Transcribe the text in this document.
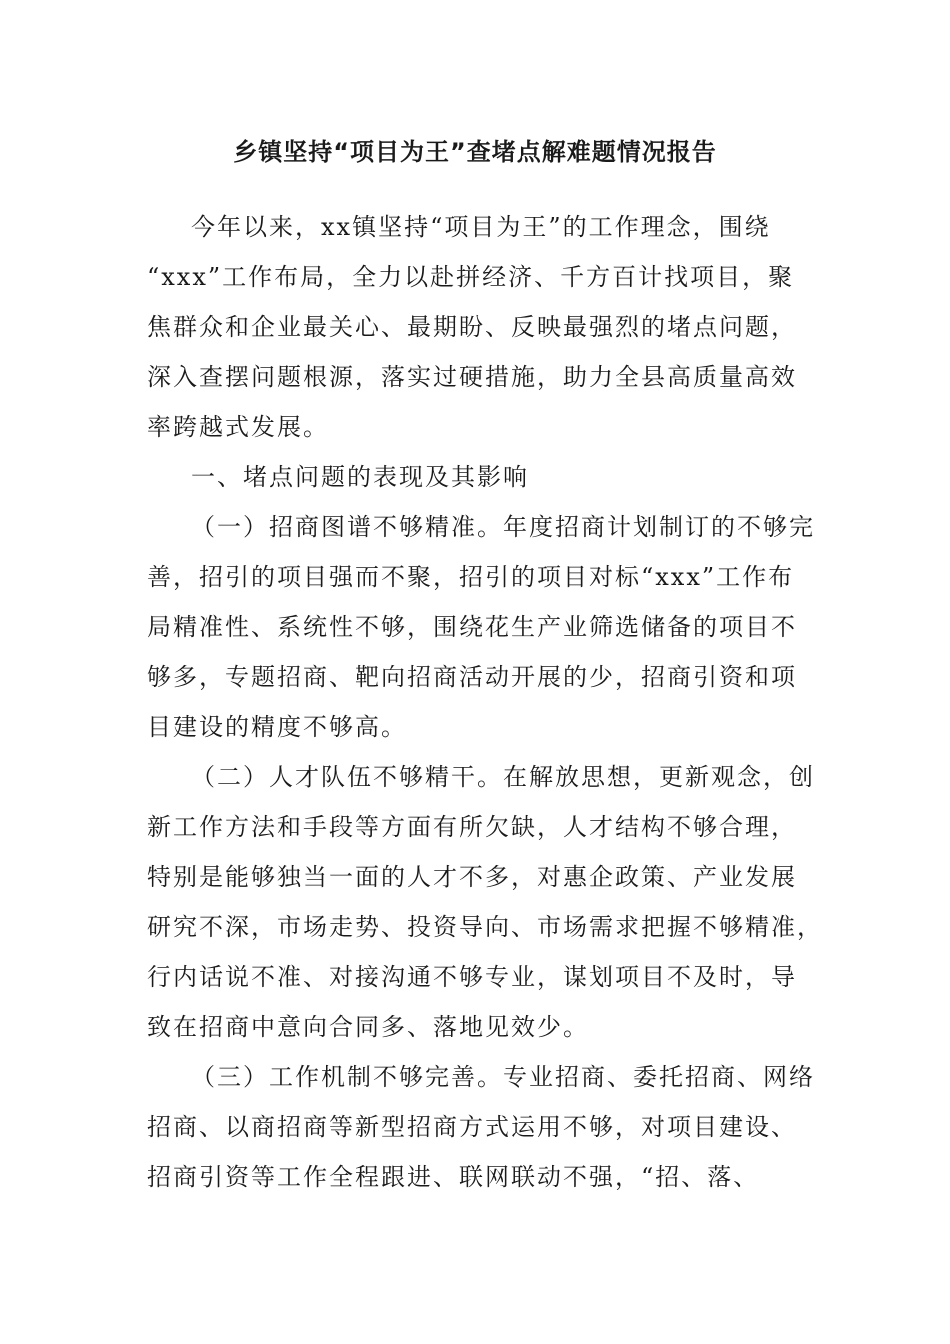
乡镇坚持“项目为王”查堵点解难题情况报告

今年以来，xx镇坚持“项目为王”的工作理念，围绕
“xxx”工作布局，全力以赴拼经济、千方百计找项目，聚
焦群众和企业最关心、最期盼、反映最强烈的堵点问题，
深入查摆问题根源，落实过硬措施，助力全县高质量高效
率跨越式发展。

一、堵点问题的表现及其影响

（一）招商图谱不够精准。年度招商计划制订的不够完
善，招引的项目强而不聚，招引的项目对标“xxx”工作布
局精准性、系统性不够，围绕花生产业筛选储备的项目不
够多，专题招商、靶向招商活动开展的少，招商引资和项
目建设的精度不够高。

（二）人才队伍不够精干。在解放思想，更新观念，创
新工作方法和手段等方面有所欠缺，人才结构不够合理，
特别是能够独当一面的人才不多，对惠企政策、产业发展
研究不深，市场走势、投资导向、市场需求把握不够精准，
行内话说不准、对接沟通不够专业，谋划项目不及时，导
致在招商中意向合同多、落地见效少。

（三）工作机制不够完善。专业招商、委托招商、网络
招商、以商招商等新型招商方式运用不够，对项目建设、
招商引资等工作全程跟进、联网联动不强，“招、落、
